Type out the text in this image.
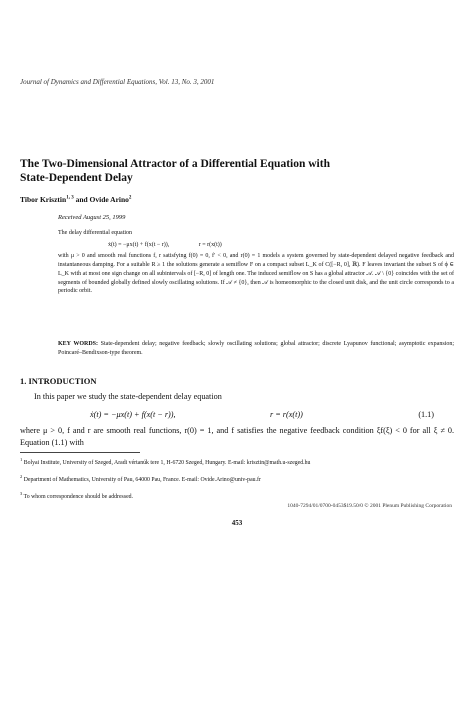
Journal of Dynamics and Differential Equations, Vol. 13, No. 3, 2001
The Two-Dimensional Attractor of a Differential Equation with State-Dependent Delay
Tibor Krisztin$^{1, 3}$ and Ovide Arino$^2$
Received August 25, 1999

The delay differential equation

ẋ(t) = −μx(t) + f(x(t − r)),	r = r(x(t))

with μ > 0 and smooth real functions f, r satisfying f(0) = 0, f′ < 0, and r(0) = 1 models a system governed by state-dependent delayed negative feedback and instantaneous damping. For a suitable R ≥ 1 the solutions generate a semiflow F on a compact subset L_K of C([−R, 0], ℝ). F leaves invariant the subset S of ϕ ∈ L_K with at most one sign change on all subintervals of [−R, 0] of length one. The induced semiflow on S has a global attractor 𝒜. 𝒜 \ {0} coincides with the set of segments of bounded globally defined slowly oscillating solutions. If 𝒜 ≠ {0}, then 𝒜 is homeomorphic to the closed unit disk, and the unit circle corresponds to a periodic orbit.

KEY WORDS: State-dependent delay; negative feedback; slowly oscillating solutions; global attractor; discrete Lyapunov functional; asymptotic expansion; Poincaré–Bendixson-type theorem.
1. INTRODUCTION
In this paper we study the state-dependent delay equation
ẋ(t) = −μx(t) + f(x(t − r)),	r = r(x(t))	(1.1)
where μ > 0, f and r are smooth real functions, r(0) = 1, and f satisfies the negative feedback condition ξf(ξ) < 0 for all ξ ≠ 0. Equation (1.1) with
$^1$ Bolyai Institute, University of Szeged, Aradi vértanúk tere 1, H-6720 Szeged, Hungary. E-mail: krisztin@math.u-szeged.hu
$^2$ Department of Mathematics, University of Pau, 64000 Pau, France. E-mail: Ovide.Arino@univ-pau.fr
$^3$ To whom correspondence should be addressed.
1040-7294/01/0700-0453$19.50/0 © 2001 Plenum Publishing Corporation
453
